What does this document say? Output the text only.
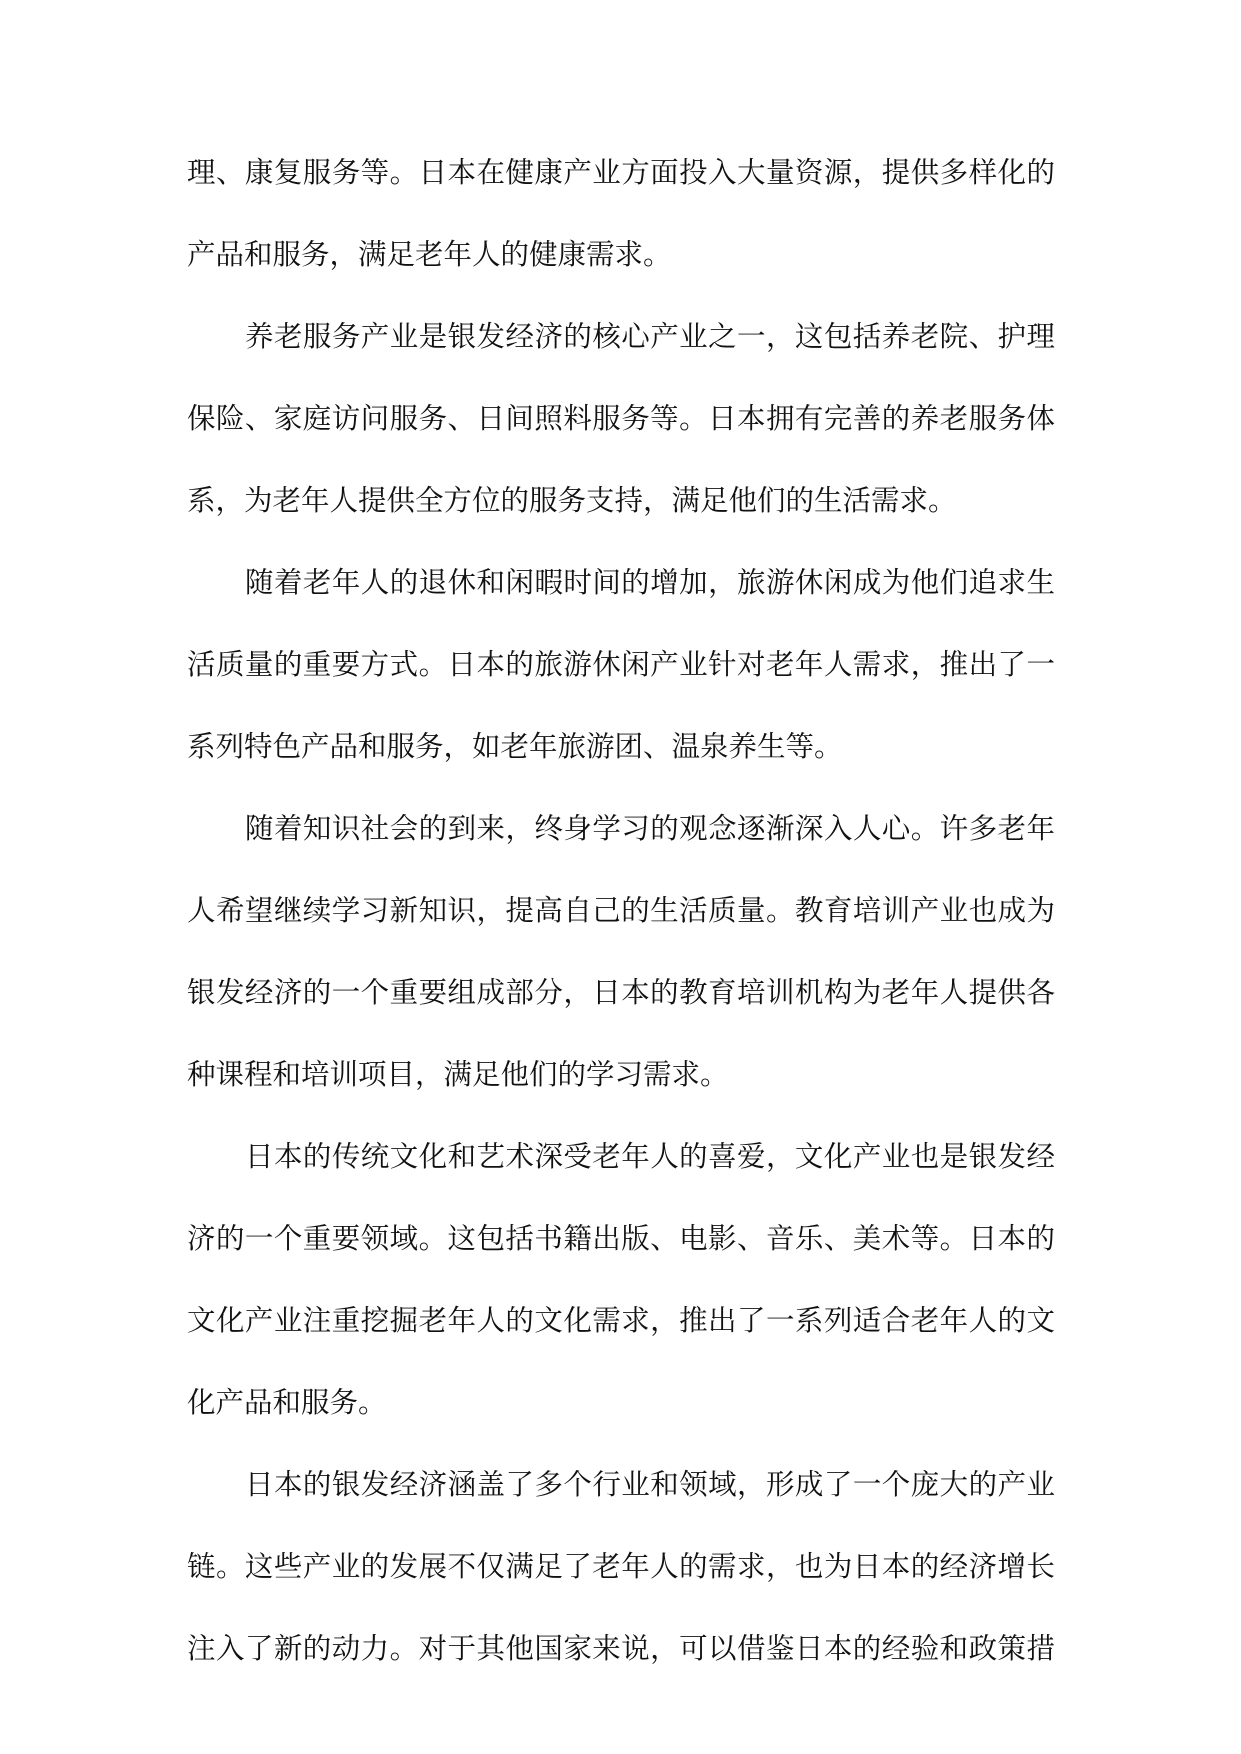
理、康复服务等。日本在健康产业方面投入大量资源，提供多样化的
产品和服务，满足老年人的健康需求。
养老服务产业是银发经济的核心产业之一，这包括养老院、护理
保险、家庭访问服务、日间照料服务等。日本拥有完善的养老服务体
系，为老年人提供全方位的服务支持，满足他们的生活需求。
随着老年人的退休和闲暇时间的增加，旅游休闲成为他们追求生
活质量的重要方式。日本的旅游休闲产业针对老年人需求，推出了一
系列特色产品和服务，如老年旅游团、温泉养生等。
随着知识社会的到来，终身学习的观念逐渐深入人心。许多老年
人希望继续学习新知识，提高自己的生活质量。教育培训产业也成为
银发经济的一个重要组成部分，日本的教育培训机构为老年人提供各
种课程和培训项目，满足他们的学习需求。
日本的传统文化和艺术深受老年人的喜爱，文化产业也是银发经
济的一个重要领域。这包括书籍出版、电影、音乐、美术等。日本的
文化产业注重挖掘老年人的文化需求，推出了一系列适合老年人的文
化产品和服务。
日本的银发经济涵盖了多个行业和领域，形成了一个庞大的产业
链。这些产业的发展不仅满足了老年人的需求，也为日本的经济增长
注入了新的动力。对于其他国家来说，可以借鉴日本的经验和政策措
